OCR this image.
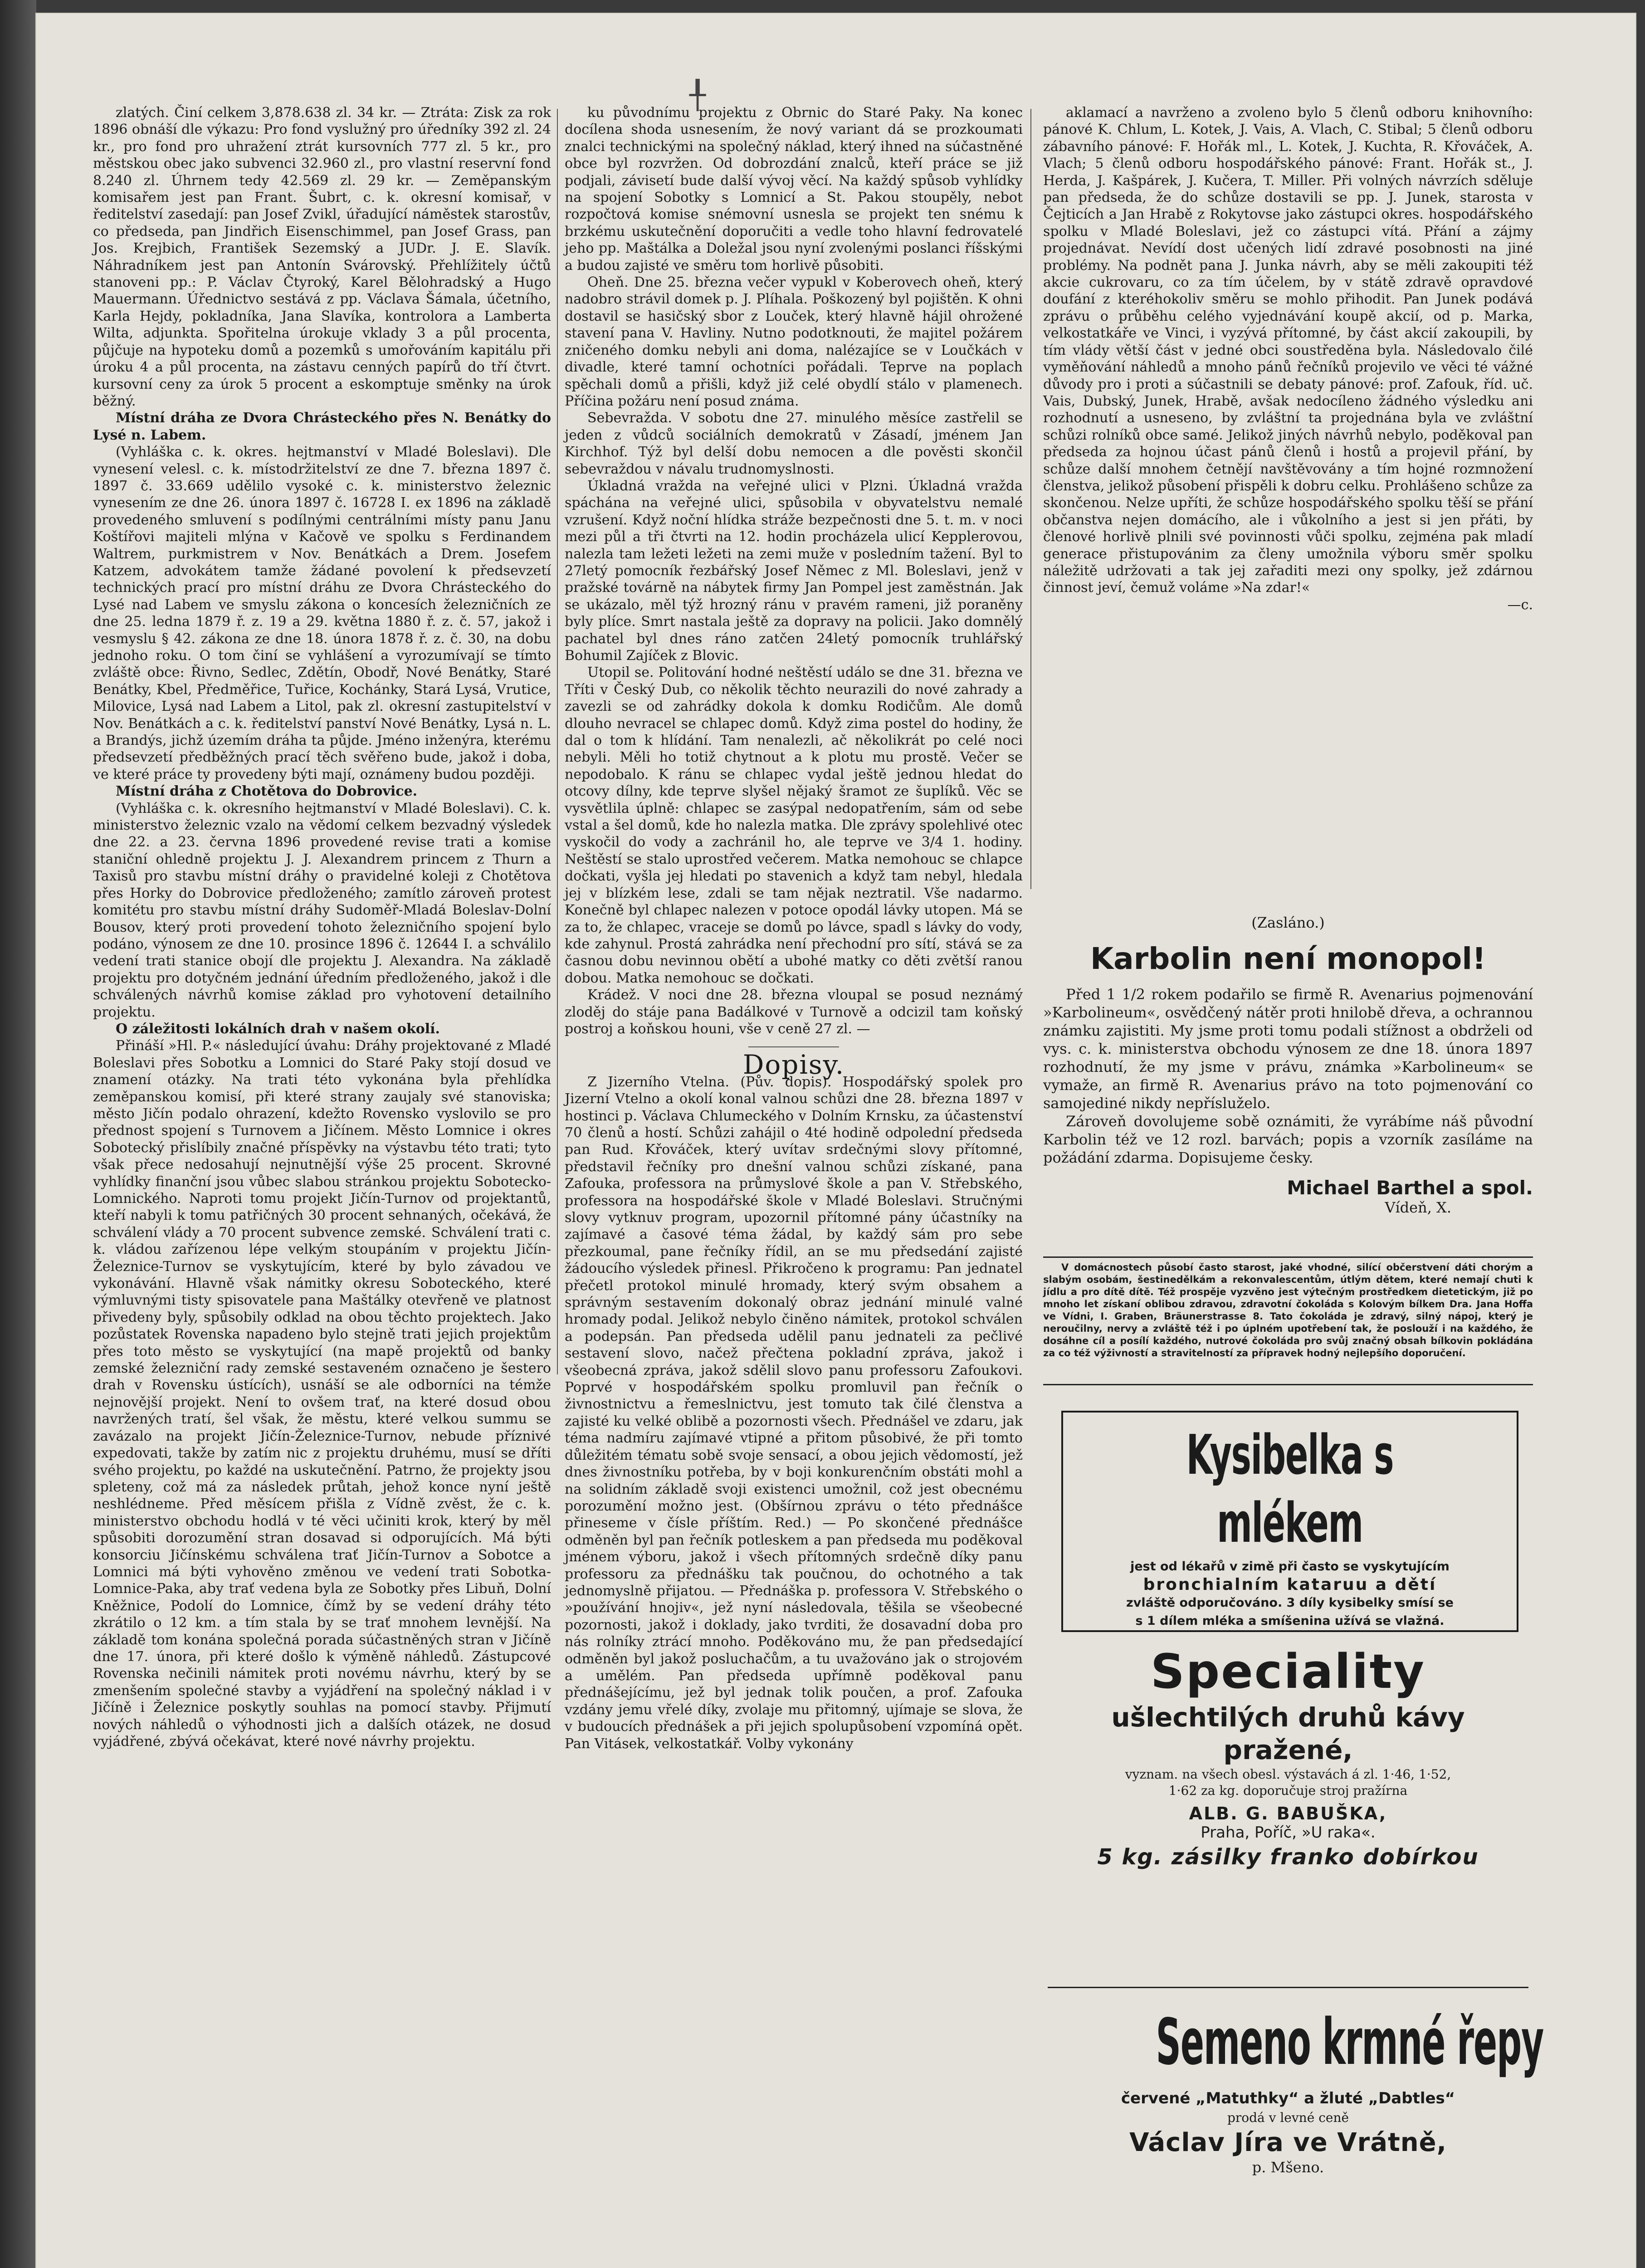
╀

zlatých. Činí celkem 3,878.638 zl. 34 kr. — Ztráta: Zisk za rok 1896 obnáší dle výkazu: Pro fond vyslužný pro úředníky 392 zl. 24 kr., pro fond pro uhražení ztrát kursovních 777 zl. 5 kr., pro městskou obec jako subvenci 32.960 zl., pro vlastní reservní fond 8.240 zl. Úhrnem tedy 42.569 zl. 29 kr. — Zeměpanským komisařem jest pan Frant. Šubrt, c. k. okresní komisař, v ředitelství zasedají: pan Josef Zvikl, úřadující náměstek starostův, co předseda, pan Jindřich Eisenschimmel, pan Josef Grass, pan Jos. Krejbich, František Sezemský a JUDr. J. E. Slavík. Náhradníkem jest pan Antonín Svárovský. Přehlížitely účtů stanoveni pp.: P. Václav Čtyroký, Karel Bělohradský a Hugo Mauermann. Úřednictvo sestává z pp. Václava Šámala, účetního, Karla Hejdy, pokladníka, Jana Slavíka, kontrolora a Lamberta Wilta, adjunkta. Spořitelna úrokuje vklady 3 a půl procenta, půjčuje na hypoteku domů a pozemků s umořováním kapitálu při úroku 4 a půl procenta, na zástavu cenných papírů do tří čtvrt. kursovní ceny za úrok 5 procent a eskomptuje směnky na úrok běžný.

Místní dráha ze Dvora Chrásteckého přes N. Benátky do Lysé n. Labem.

(Vyhláška c. k. okres. hejtmanství v Mladé Boleslavi). Dle vynesení velesl. c. k. místodržitelství ze dne 7. března 1897 č. 1897 č. 33.669 udělilo vysoké c. k. ministerstvo železnic vynesením ze dne 26. února 1897 č. 16728 I. ex 1896 na základě provedeného smluvení s podílnými centrálními místy panu Janu Koštířovi majiteli mlýna v Kačově ve spolku s Ferdinandem Waltrem, purkmistrem v Nov. Benátkách a Drem. Josefem Katzem, advokátem tamže žádané povolení k předsevzetí technických prací pro místní dráhu ze Dvora Chrásteckého do Lysé nad Labem ve smyslu zákona o koncesích železničních ze dne 25. ledna 1879 ř. z. 19 a 29. května 1880 ř. z. č. 57, jakož i vesmyslu § 42. zákona ze dne 18. února 1878 ř. z. č. 30, na dobu jednoho roku. O tom činí se vyhlášení a vyrozumívají se tímto zvláště obce: Řivno, Sedlec, Zdětín, Obodř, Nové Benátky, Staré Benátky, Kbel, Předměřice, Tuřice, Kochánky, Stará Lysá, Vrutice, Milovice, Lysá nad Labem a Litol, pak zl. okresní zastupitelství v Nov. Benátkách a c. k. ředitelství panství Nové Benátky, Lysá n. L. a Brandýs, jichž územím dráha ta půjde. Jméno inženýra, kterému předsevzetí předběžných prací těch svěřeno bude, jakož i doba, ve které práce ty provedeny býti mají, oznámeny budou později.

Místní dráha z Chotětova do Dobrovice.

(Vyhláška c. k. okresního hejtmanství v Mladé Boleslavi). C. k. ministerstvo železnic vzalo na vědomí celkem bezvadný výsledek dne 22. a 23. června 1896 provedené revise trati a komise staniční ohledně projektu J. J. Alexandrem princem z Thurn a Taxisů pro stavbu místní dráhy o pravidelné koleji z Chotětova přes Horky do Dobrovice předloženého; zamítlo zároveň protest komitétu pro stavbu místní dráhy Sudoměř-Mladá Boleslav-Dolní Bousov, který proti provedení tohoto železničního spojení bylo podáno, výnosem ze dne 10. prosince 1896 č. 12644 I. a schválilo vedení trati stanice obojí dle projektu J. Alexandra. Na základě projektu pro dotyčném jednání úředním předloženého, jakož i dle schválených návrhů komise základ pro vyhotovení detailního projektu.

O záležitosti lokálních drah v našem okolí.

Přináší »Hl. P.« následující úvahu: Dráhy projektované z Mladé Boleslavi přes Sobotku a Lomnici do Staré Paky stojí dosud ve znamení otázky. Na trati této vykonána byla přehlídka zeměpanskou komisí, při které strany zaujaly své stanoviska; město Jičín podalo ohrazení, kdežto Rovensko vyslovilo se pro přednost spojení s Turnovem a Jičínem. Město Lomnice i okres Sobotecký přislíbily značné příspěvky na výstavbu této trati; tyto však přece nedosahují nejnutnější výše 25 procent. Skrovné vyhlídky finanční jsou vůbec slabou stránkou projektu Sobotecko-Lomnického. Naproti tomu projekt Jičín-Turnov od projektantů, kteří nabyli k tomu patřičných 30 procent sehnaných, očekává, že schválení vlády a 70 procent subvence zemské. Schválení trati c. k. vládou zařízenou lépe velkým stoupáním v projektu Jičín-Železnice-Turnov se vyskytujícím, které by bylo závadou ve vykonávání. Hlavně však námitky okresu Soboteckého, které výmluvnými tisty spisovatele pana Maštálky otevřeně ve platnost přivedeny byly, spůsobily odklad na obou těchto projektech. Jako pozůstatek Rovenska napadeno bylo stejně trati jejich projektům přes toto město se vyskytující (na mapě projektů od banky zemské železniční rady zemské sestaveném označeno je šestero drah v Rovensku ústících), usnáší se ale odborníci na témže nejnovější projekt. Není to ovšem trať, na které dosud obou navržených tratí, šel však, že městu, které velkou summu se zavázalo na projekt Jičín-Železnice-Turnov, nebude příznivé expedovati, takže by zatím nic z projektu druhému, musí se dříti svého projektu, po každé na uskutečnění. Patrno, že projekty jsou spleteny, což má za následek průtah, jehož konce nyní ještě neshlédneme. Před měsícem přišla z Vídně zvěst, že c. k. ministerstvo obchodu hodlá v té věci učiniti krok, který by měl spůsobiti dorozumění stran dosavad si odporujících. Má býti konsorciu Jičínskému schválena trať Jičín-Turnov a Sobotce a Lomnici má býti vyhověno změnou ve vedení trati Sobotka-Lomnice-Paka, aby trať vedena byla ze Sobotky přes Libuň, Dolní Kněžnice, Podolí do Lomnice, čímž by se vedení dráhy této zkrátilo o 12 km. a tím stala by se trať mnohem levnější. Na základě tom konána společná porada súčastněných stran v Jičíně dne 17. února, při které došlo k výměně náhledů. Zástupcové Rovenska nečinili námitek proti novému návrhu, který by se zmenšením společné stavby a vyjádření na společný náklad i v Jičíně i Železnice poskytly souhlas na pomocí stavby. Přijmutí nových náhledů o výhodnosti jich a dalších otázek, ne dosud vyjádřené, zbývá očekávat, které nové návrhy projektu.

ku původnímu projektu z Obrnic do Staré Paky. Na konec docílena shoda usnesením, že nový variant dá se prozkoumati znalci technickými na společný náklad, který ihned na súčastněné obce byl rozvržen. Od dobrozdání znalců, kteří práce se již podjali, závisetí bude další vývoj věcí. Na každý spůsob vyhlídky na spojení Sobotky s Lomnicí a St. Pakou stoupěly, nebot rozpočtová komise snémovní usnesla se projekt ten snému k brzkému uskutečnění doporučiti a vedle toho hlavní fedrovatelé jeho pp. Maštálka a Doležal jsou nyní zvolenými poslanci říšskými a budou zajisté ve směru tom horlivě působiti.

Oheň. Dne 25. března večer vypukl v Koberovech oheň, který nadobro strávil domek p. J. Plíhala. Poškozený byl pojištěn. K ohni dostavil se hasičský sbor z Louček, který hlavně hájil ohrožené stavení pana V. Havliny. Nutno podotknouti, že majitel požárem zničeného domku nebyli ani doma, nalézajíce se v Loučkách v divadle, které tamní ochotníci pořádali. Teprve na poplach spěchali domů a přišli, když již celé obydlí stálo v plamenech. Příčina požáru není posud známa.

Sebevražda. V sobotu dne 27. minulého měsíce zastřelil se jeden z vůdců sociálních demokratů v Zásadí, jménem Jan Kirchhof. Týž byl delší dobu nemocen a dle pověsti skončil sebevraždou v návalu trudnomyslnosti.

Úkladná vražda na veřejné ulici v Plzni. Úkladná vražda spáchána na veřejné ulici, spůsobila v obyvatelstvu nemalé vzrušení. Když noční hlídka stráže bezpečnosti dne 5. t. m. v noci mezi půl a tři čtvrti na 12. hodin procházela ulicí Kepplerovou, nalezla tam ležeti ležeti na zemi muže v posledním tažení. Byl to 27letý pomocník řezbářský Josef Němec z Ml. Boleslavi, jenž v pražské továrně na nábytek firmy Jan Pompel jest zaměstnán. Jak se ukázalo, měl týž hrozný ránu v pravém rameni, již poraněny byly plíce. Smrt nastala ještě za dopravy na policii. Jako domnělý pachatel byl dnes ráno zatčen 24letý pomocník truhlářský Bohumil Zajíček z Blovic.

Utopil se. Politování hodné neštěstí událo se dne 31. března ve Tříti v Český Dub, co několik těchto neurazili do nové zahrady a zavezli se od zahrádky dokola k domku Rodičům. Ale domů dlouho nevracel se chlapec domů. Když zima postel do hodiny, že dal o tom k hlídání. Tam nenalezli, ač několikrát po celé noci nebyli. Měli ho totiž chytnout a k plotu mu prostě. Večer se nepodobalo. K ránu se chlapec vydal ještě jednou hledat do otcovy dílny, kde teprve slyšel nějaký šramot ze šuplíků. Věc se vysvětlila úplně: chlapec se zasýpal nedopatřením, sám od sebe vstal a šel domů, kde ho nalezla matka. Dle zprávy spolehlivé otec vyskočil do vody a zachránil ho, ale teprve ve 3/4 1. hodiny. Neštěstí se stalo uprostřed večerem. Matka nemohouc se chlapce dočkati, vyšla jej hledati po stavenich a když tam nebyl, hledala jej v blízkém lese, zdali se tam nějak neztratil. Vše nadarmo. Konečně byl chlapec nalezen v potoce opodál lávky utopen. Má se za to, že chlapec, vraceje se domů po lávce, spadl s lávky do vody, kde zahynul. Prostá zahrádka není přechodní pro sítí, stává se za časnou dobu nevinnou obětí a ubohé matky co děti zvětší ranou dobou. Matka nemohouc se dočkati.

Krádež. V noci dne 28. března vloupal se posud neznámý zloděj do stáje pana Badálkové v Turnově a odcizil tam koňský postroj a koňskou houni, vše v ceně 27 zl. —

Dopisy.

Z Jizerního Vtelna. (Pův. dopis). Hospodářský spolek pro Jizerní Vtelno a okolí konal valnou schůzi dne 28. března 1897 v hostinci p. Václava Chlumeckého v Dolním Krnsku, za účastenství 70 členů a hostí. Schůzi zahájil o 4té hodině odpolední předseda pan Rud. Křováček, který uvítav srdečnými slovy přítomné, představil řečníky pro dnešní valnou schůzi získané, pana Zafouka, professora na průmyslové škole a pan V. Střebského, professora na hospodářské škole v Mladé Boleslavi. Stručnými slovy vytknuv program, upozornil přítomné pány účastníky na zajímavé a časové téma žádal, by každý sám pro sebe přezkoumal, pane řečníky řídil, an se mu předsedání zajisté žádoucího výsledek přinesl. Přikročeno k programu: Pan jednatel přečetl protokol minulé hromady, který svým obsahem a správným sestavením dokonalý obraz jednání minulé valné hromady podal. Jelikož nebylo činěno námitek, protokol schválen a podepsán. Pan předseda udělil panu jednateli za pečlivé sestavení slovo, načež přečtena pokladní zpráva, jakož i všeobecná zpráva, jakož sdělil slovo panu professoru Zafoukovi. Poprvé v hospodářském spolku promluvil pan řečník o živnostnictvu a řemeslnictvu, jest tomuto tak čilé členstva a zajisté ku velké oblibě a pozornosti všech. Přednášel ve zdaru, jak téma nadmíru zajímavé vtipné a přitom působivé, že při tomto důležitém tématu sobě svoje sensací, a obou jejich vědomostí, jež dnes živnostníku potřeba, by v boji konkurenčním obstáti mohl a na solidním základě svoji existenci umožnil, což jest obecnému porozumění možno jest. (Obšírnou zprávu o této přednášce přineseme v čísle příštím. Red.) — Po skončené přednášce odměněn byl pan řečník potleskem a pan předseda mu poděkoval jménem výboru, jakož i všech přítomných srdečně díky panu professoru za přednášku tak poučnou, do ochotného a tak jednomyslně přijatou. — Přednáška p. professora V. Střebského o »používání hnojiv«, jež nyní následovala, těšila se všeobecné pozornosti, jakož i doklady, jako tvrditi, že dosavadní doba pro nás rolníky ztrácí mnoho. Poděkováno mu, že pan předsedající odměněn byl jakož posluchačům, a tu uvažováno jak o strojovém a umělém. Pan předseda upřímně poděkoval panu přednášejícímu, jež byl jednak tolik poučen, a prof. Zafouka vzdány jemu vřelé díky, zvolaje mu přitomný, ujímaje se slova, že v budoucích přednášek a při jejich spolupůsobení vzpomíná opět. Pan Vitásek, velkostatkář. Volby vykonány

aklamací a navrženo a zvoleno bylo 5 členů odboru knihovního: pánové K. Chlum, L. Kotek, J. Vais, A. Vlach, C. Stibal; 5 členů odboru zábavního pánové: F. Hořák ml., L. Kotek, J. Kuchta, R. Křováček, A. Vlach; 5 členů odboru hospodářského pánové: Frant. Hořák st., J. Herda, J. Kašpárek, J. Kučera, T. Miller. Při volných návrzích sděluje pan předseda, že do schůze dostavili se pp. J. Junek, starosta v Čejticích a Jan Hrabě z Rokytovse jako zástupci okres. hospodářského spolku v Mladé Boleslavi, jež co zástupci vítá. Přání a zájmy projednávat. Nevídí dost učených lidí zdravé posobnosti na jiné problémy. Na podnět pana J. Junka návrh, aby se měli zakoupiti též akcie cukrovaru, co za tím účelem, by v státě zdravě opravdové doufání z kteréhokoliv směru se mohlo přihodit. Pan Junek podává zprávu o průběhu celého vyjednávání koupě akcií, od p. Marka, velkostatkáře ve Vinci, i vyzývá přítomné, by část akcií zakoupili, by tím vlády větší část v jedné obci soustředěna byla. Následovalo čilé vyměňování náhledů a mnoho pánů řečníků projevilo ve věci té vážné důvody pro i proti a súčastnili se debaty pánové: prof. Zafouk, říd. uč. Vais, Dubský, Junek, Hrabě, avšak nedocíleno žádného výsledku ani rozhodnutí a usneseno, by zvláštní ta projednána byla ve zvláštní schůzi rolníků obce samé. Jelikož jiných návrhů nebylo, poděkoval pan předseda za hojnou účast pánů členů i hostů a projevil přání, by schůze další mnohem četnějí navštěvovány a tím hojné rozmnožení členstva, jelikož působení přispěli k dobru celku. Prohlášeno schůze za skončenou. Nelze upříti, že schůze hospodářského spolku těší se přání občanstva nejen domácího, ale i vůkolního a jest si jen přáti, by členové horlivě plnili své povinnosti vůči spolku, zejména pak mladí generace přistupovánim za členy umožnila výboru směr spolku náležitě udržovati a tak jej zařaditi mezi ony spolky, jež zdárnou činnost jeví, čemuž voláme »Na zdar!«

—c.

(Zasláno.)
Karbolin není monopol!

Před 1 1/2 rokem podařilo se firmě R. Avenarius pojmenování »Karbolineum«, osvědčený nátěr proti hnilobě dřeva, a ochrannou známku zajistiti. My jsme proti tomu podali stížnost a obdrželi od vys. c. k. ministerstva obchodu výnosem ze dne 18. února 1897 rozhodnutí, že my jsme v právu, známka »Karbolineum« se vymaže, an firmě R. Avenarius právo na toto pojmenování co samojediné nikdy nepřísluželo.

Zároveň dovolujeme sobě oznámiti, že vyrábíme náš původní Karbolin též ve 12 rozl. barvách; popis a vzorník zasíláme na požádání zdarma. Dopisujeme česky.

Michael Barthel a spol.
Vídeň, X.

V domácnostech působí často starost, jaké vhodné, silící občerstvení dáti chorým a slabým osobám, šestinedělkám a rekonvalescentům, útlým dětem, které nemají chuti k jídlu a pro dítě dítě. Též prospěje vyzvěno jest výtečným prostředkem dietetickým, již po mnoho let získaní oblibou zdravou, zdravotní čokoláda s Kolovým bílkem Dra. Jana Hoffa ve Vídni, I. Graben, Bräunerstrasse 8. Tato čokoláda je zdravý, silný nápoj, který je neroučilny, nervy a zvláště též i po úplném upotřebení tak, že poslouží i na každého, že dosáhne cíl a posílí každého, nutrové čokoláda pro svůj značný obsah bílkovin pokládána za co též výživností a stravitelností za přípravek hodný nejlepšího doporučení.

Kysibelka s mlékem
jest od lékařů v zimě při často se vyskytujícím
bronchialním kataruu a dětí
zvláště odporučováno. 3 díly kysibelky smísí se
s 1 dílem mléka a smíšenina užívá se vlažná.
Speciality
ušlechtilých druhů kávy pražené,
vyznam. na všech obesl. výstavách á zl. 1·46, 1·52,
1·62 za kg. doporučuje stroj pražírna
ALB. G. BABUŠKA,
Praha, Poříč, »U raka«.
5 kg. zásilky franko dobírkou
Semeno krmné řepy
červené „Matuthky“ a žluté „Dabtles“
prodá v levné ceně
Václav Jíra ve Vrátně,
p. Mšeno.
